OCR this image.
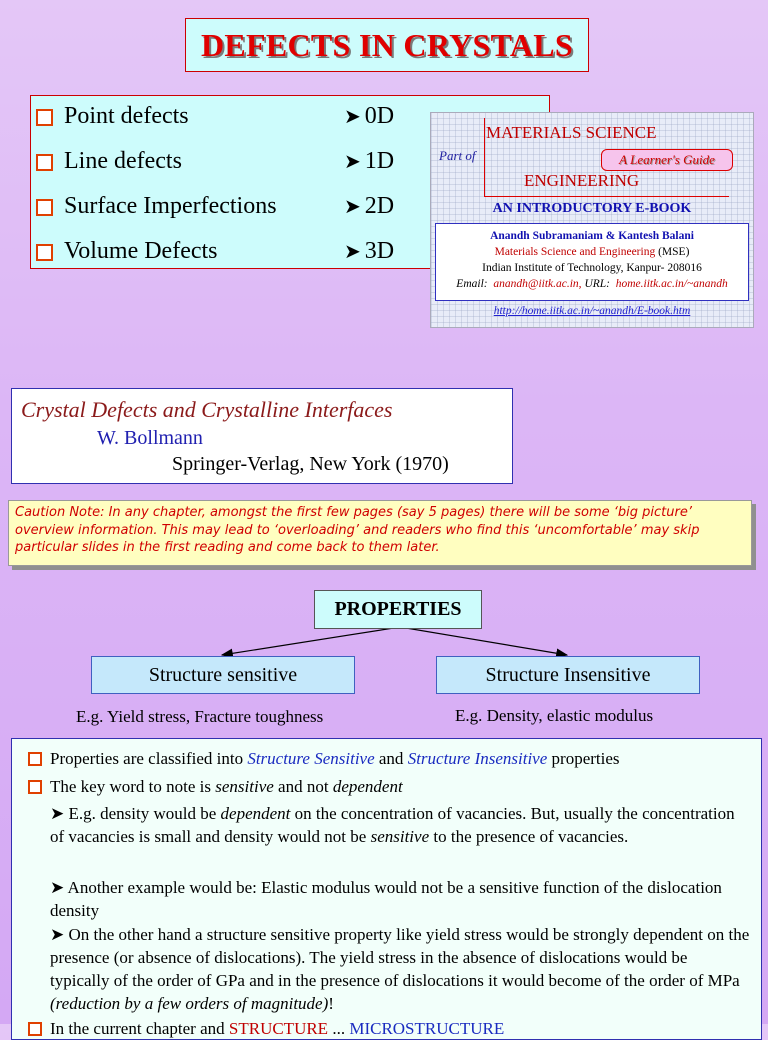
DEFECTS IN CRYSTALS
Point defects	➤ 0D
Line defects	➤ 1D
Surface Imperfections	➤ 2D
Volume Defects	➤ 3D
Part of
MATERIALS SCIENCE
A Learner's Guide
ENGINEERING
AN INTRODUCTORY E-BOOK
Anandh Subramaniam & Kantesh Balani
Materials Science and Engineering (MSE)
Indian Institute of Technology, Kanpur- 208016
Email: anandh@iitk.ac.in, URL: home.iitk.ac.in/~anandh
http://home.iitk.ac.in/~anandh/E-book.htm
Crystal Defects and Crystalline Interfaces
W. Bollmann
Springer-Verlag, New York (1970)
Caution Note: In any chapter, amongst the first few pages (say 5 pages) there will be some ‘big picture’ overview information. This may lead to ‘overloading’ and readers who find this ‘uncomfortable’ may skip particular slides in the first reading and come back to them later.
PROPERTIES
Structure sensitive	Structure Insensitive
E.g. Yield stress, Fracture toughness	E.g. Density, elastic modulus
Properties are classified into Structure Sensitive and Structure Insensitive properties
The key word to note is sensitive and not dependent
➤ E.g. density would be dependent on the concentration of vacancies. But, usually the concentration of vacancies is small and density would not be sensitive to the presence of vacancies.
➤ Another example would be: Elastic modulus would not be a sensitive function of the dislocation density
➤ On the other hand a structure sensitive property like yield stress would be strongly dependent on the presence (or absence of dislocations). The yield stress in the absence of dislocations would be typically of the order of GPa and in the presence of dislocations it would become of the order of MPa (reduction by a few orders of magnitude)!
In the current chapter and STRUCTURE ... MICROSTRUCTURE
